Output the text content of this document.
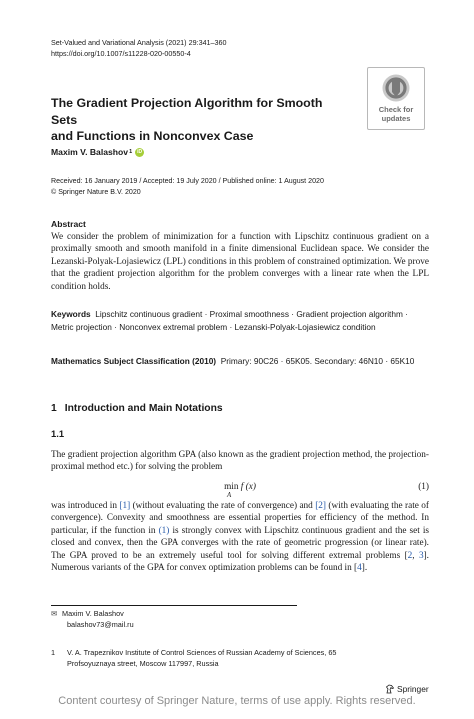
Set-Valued and Variational Analysis (2021) 29:341–360
https://doi.org/10.1007/s11228-020-00550-4
Check for
updates
The Gradient Projection Algorithm for Smooth Sets
and Functions in Nonconvex Case
Maxim V. Balashov 1	iD
Received: 16 January 2019 / Accepted: 19 July 2020 / Published online: 1 August 2020
© Springer Nature B.V. 2020
Abstract
We consider the problem of minimization for a function with Lipschitz continuous gradient on a proximally smooth and smooth manifold in a finite dimensional Euclidean space. We consider the Lezanski-Polyak-Lojasiewicz (LPL) conditions in this problem of constrained optimization. We prove that the gradient projection algorithm for the problem converges with a linear rate when the LPL condition holds.
Keywords Lipschitz continuous gradient · Proximal smoothness · Gradient projection algorithm · Metric projection · Nonconvex extremal problem · Lezanski-Polyak-Lojasiewicz condition
Mathematics Subject Classification (2010) Primary: 90C26 · 65K05. Secondary: 46N10 · 65K10
1 Introduction and Main Notations
1.1
The gradient projection algorithm GPA (also known as the gradient projection method, the projection-proximal method etc.) for solving the problem
min f (x)
A
(1)
was introduced in [1] (without evaluating the rate of convergence) and [2] (with evaluating the rate of convergence). Convexity and smoothness are essential properties for efficiency of the method. In particular, if the function in (1) is strongly convex with Lipschitz continuous gradient and the set is closed and convex, then the GPA converges with the rate of geometric progression (or linear rate). The GPA proved to be an extremely useful tool for solving different extremal problems [2, 3]. Numerous variants of the GPA for convex optimization problems can be found in [4].
✉ Maxim V. Balashov
balashov73@mail.ru
1	V. A. Trapeznikov Institute of Control Sciences of Russian Academy of Sciences, 65 Profsoyuznaya street, Moscow 117997, Russia
Springer
Content courtesy of Springer Nature, terms of use apply. Rights reserved.
